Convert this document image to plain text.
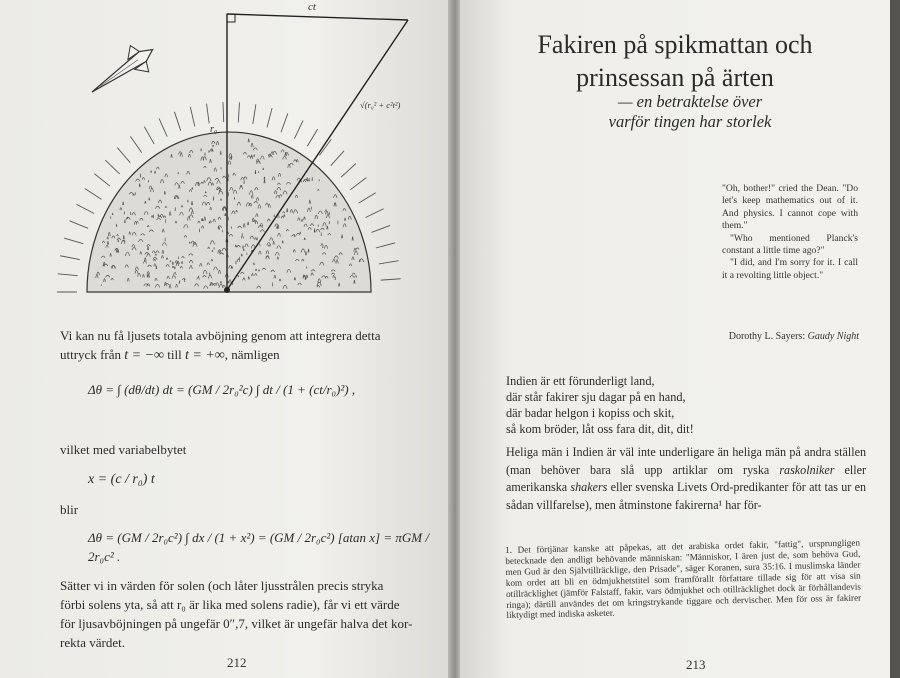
ct
r₀
√(r₀² + c²t²)
Vi kan nu få ljusets totala avböjning genom att integrera detta
uttryck från t = −∞ till t = +∞, nämligen
Δθ = ∫ (dθ/dt) dt = (GM / 2r₀²c) ∫ dt / (1 + (ct/r₀)²) ,
vilket med variabelbytet
x = (c / r₀) t
blir
Δθ = (GM / 2r₀c²) ∫ dx / (1 + x²) = (GM / 2r₀c²) [atan x] = πGM / 2r₀c² .
Sätter vi in värden för solen (och låter ljusstrålen precis stryka
förbi solens yta, så att r₀ är lika med solens radie), får vi ett värde
för ljusavböjningen på ungefär 0″,7, vilket är ungefär halva det kor-
rekta värdet.
212
Fakiren på spikmattan och
prinsessan på ärten
— en betraktelse över
varför tingen har storlek

"Oh, bother!" cried the Dean. "Do let's keep mathematics out of it. And physics. I cannot cope with them."

"Who mentioned Planck's constant a little time ago?"

"I did, and I'm sorry for it. I call it a revolting little object."

Dorothy L. Sayers: Gaudy Night
Indien är ett förunderligt land,
där står fakirer sju dagar på en hand,
där badar helgon i kopiss och skit,
så kom bröder, låt oss fara dit, dit, dit!
Heliga män i Indien är väl inte underligare än heliga män på andra ställen (man behöver bara slå upp artiklar om ryska raskolniker eller amerikanska shakers eller svenska Livets Ord-predikanter för att tas ur en sådan villfarelse), men åtminstone fakirerna¹ har för-
1. Det förtjänar kanske att påpekas, att det arabiska ordet fakir, "fattig", ursprungligen betecknade den andligt behövande människan: "Människor, I ären just de, som behöva Gud, men Gud är den Självtillräcklige, den Prisade", säger Koranen, sura 35:16. I muslimska länder kom ordet att bli en ödmjukhetstitel som framförallt författare tillade sig för att visa sin otillräcklighet (jämför Falstaff, fakir, vars ödmjukhet och otillräcklighet dock är förhållandevis ringa); därtill användes det om kringstrykande tiggare och dervischer. Men för oss är fakirer liktydigt med indiska asketer.
213
